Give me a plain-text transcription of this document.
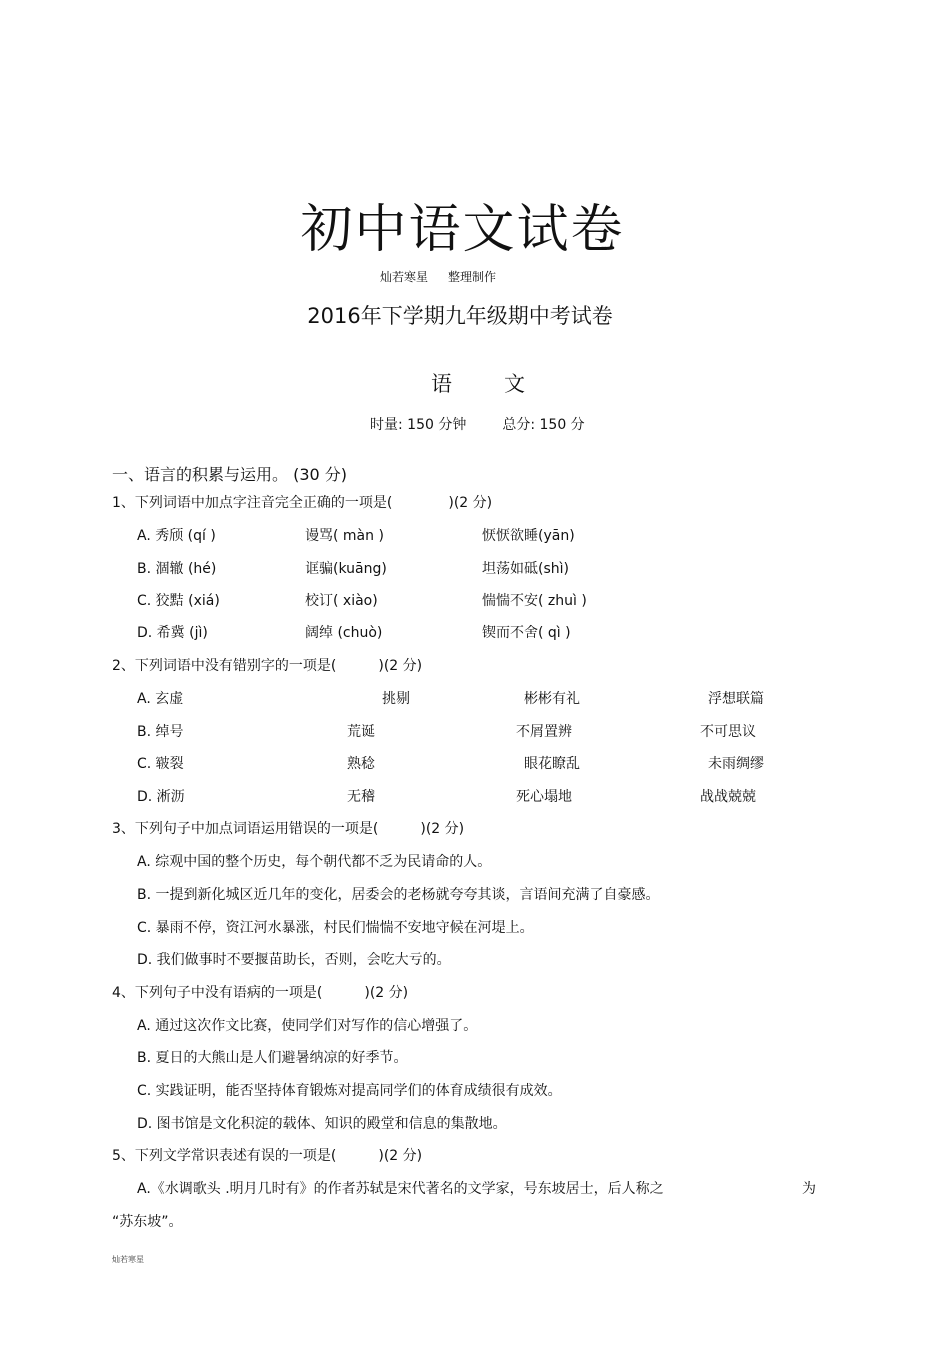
初中语文试卷
灿若寒星 整理制作
2016年下学期九年级期中考试卷
语文
时量: 150 分钟	总分: 150 分
一、语言的积累与运用。 (30 分)
1、下列词语中加点字注音完全正确的一项是(　　　　)(2 分)
A. 秀颀 (qí )	谩骂( màn )	恹恹欲睡(yān)
B. 涸辙 (hé)	诓骗(kuāng)	坦荡如砥(shì)
C. 狡黠 (xiá)	校订( xiào)	惴惴不安( zhuì )
D. 希冀 (jì)	阔绰 (chuò)	锲而不舍( qì )
2、下列词语中没有错别字的一项是(　　　)(2 分)
A. 玄虚	挑剔	彬彬有礼	浮想联篇
B. 绰号	荒诞	不屑置辨	不可思议
C. 皲裂	熟稔	眼花瞭乱	未雨绸缪
D. 淅沥	无稽	死心塌地	战战兢兢
3、下列句子中加点词语运用错误的一项是(　　　)(2 分)
A. 综观中国的整个历史，每个朝代都不乏为民请命的人。
B. 一提到新化城区近几年的变化，居委会的老杨就夸夸其谈，言语间充满了自豪感。
C. 暴雨不停，资江河水暴涨，村民们惴惴不安地守候在河堤上。
D. 我们做事时不要揠苗助长，否则，会吃大亏的。
4、下列句子中没有语病的一项是(　　　)(2 分)
A. 通过这次作文比赛，使同学们对写作的信心增强了。
B. 夏日的大熊山是人们避暑纳凉的好季节。
C. 实践证明，能否坚持体育锻炼对提高同学们的体育成绩很有成效。
D. 图书馆是文化积淀的载体、知识的殿堂和信息的集散地。
5、下列文学常识表述有误的一项是(　　　)(2 分)
A.《水调歌头 .明月几时有》的作者苏轼是宋代著名的文学家，号东坡居士，后人称之	为
“苏东坡”。
灿若寒星
